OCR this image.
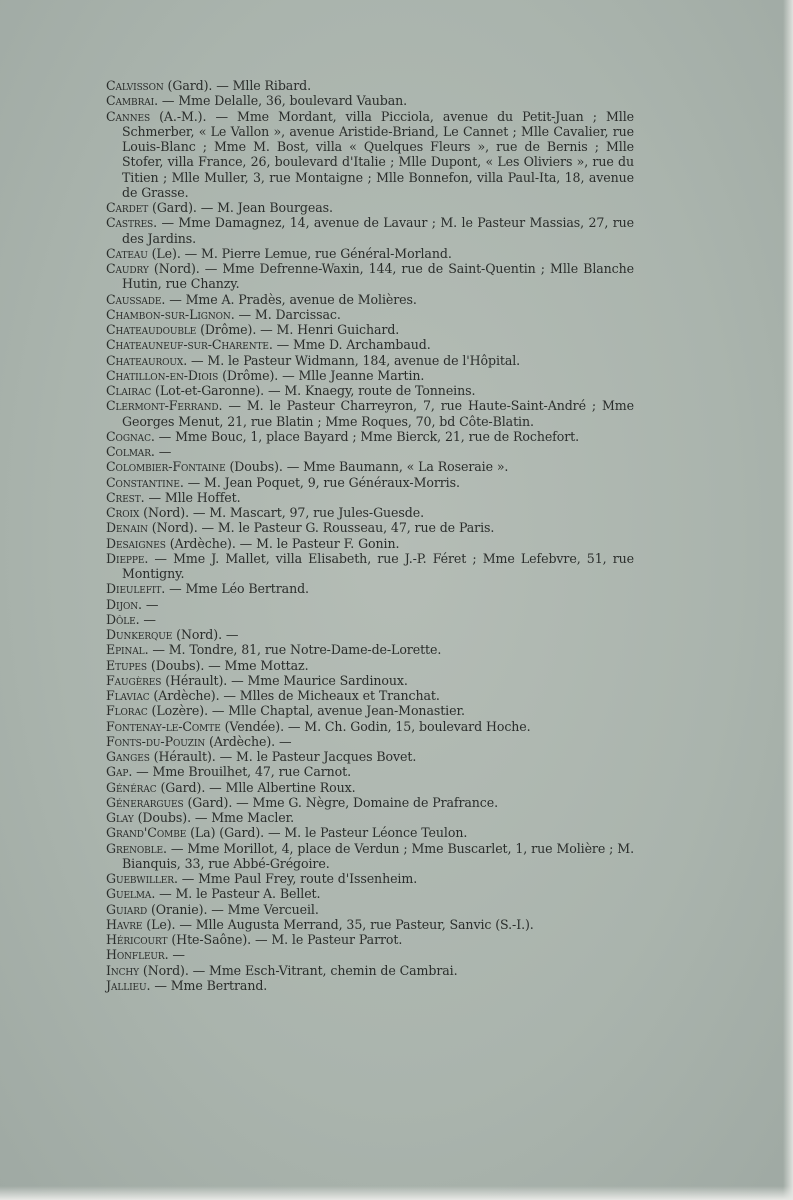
Calvisson (Gard). — Mlle Ribard.
Cambrai. — Mme Delalle, 36, boulevard Vauban.
Cannes (A.-M.). — Mme Mordant, villa Picciola, avenue du Petit-Juan ; Mlle Schmerber, « Le Vallon », avenue Aristide-Briand, Le Cannet ; Mlle Cavalier, rue Louis-Blanc ; Mme M. Bost, villa « Quelques Fleurs », rue de Bernis ; Mlle Stofer, villa France, 26, boulevard d'Italie ; Mlle Dupont, « Les Oliviers », rue du Titien ; Mlle Muller, 3, rue Montaigne ; Mlle Bonnefon, villa Paul-Ita, 18, avenue de Grasse.
Cardet (Gard). — M. Jean Bourgeas.
Castres. — Mme Damagnez, 14, avenue de Lavaur ; M. le Pasteur Massias, 27, rue des Jardins.
Cateau (Le). — M. Pierre Lemue, rue Général-Morland.
Caudry (Nord). — Mme Defrenne-Waxin, 144, rue de Saint-Quentin ; Mlle Blanche Hutin, rue Chanzy.
Caussade. — Mme A. Pradès, avenue de Molières.
Chambon-sur-Lignon. — M. Darcissac.
Chateaudouble (Drôme). — M. Henri Guichard.
Chateauneuf-sur-Charente. — Mme D. Archambaud.
Chateauroux. — M. le Pasteur Widmann, 184, avenue de l'Hôpital.
Chatillon-en-Diois (Drôme). — Mlle Jeanne Martin.
Clairac (Lot-et-Garonne). — M. Knaegy, route de Tonneins.
Clermont-Ferrand. — M. le Pasteur Charreyron, 7, rue Haute-Saint-André ; Mme Georges Menut, 21, rue Blatin ; Mme Roques, 70, bd Côte-Blatin.
Cognac. — Mme Bouc, 1, place Bayard ; Mme Bierck, 21, rue de Rochefort.
Colmar. —
Colombier-Fontaine (Doubs). — Mme Baumann, « La Roseraie ».
Constantine. — M. Jean Poquet, 9, rue Généraux-Morris.
Crest. — Mlle Hoffet.
Croix (Nord). — M. Mascart, 97, rue Jules-Guesde.
Denain (Nord). — M. le Pasteur G. Rousseau, 47, rue de Paris.
Desaignes (Ardèche). — M. le Pasteur F. Gonin.
Dieppe. — Mme J. Mallet, villa Elisabeth, rue J.-P. Féret ; Mme Lefebvre, 51, rue Montigny.
Dieulefit. — Mme Léo Bertrand.
Dijon. —
Dôle. —
Dunkerque (Nord). —
Epinal. — M. Tondre, 81, rue Notre-Dame-de-Lorette.
Etupes (Doubs). — Mme Mottaz.
Faugères (Hérault). — Mme Maurice Sardinoux.
Flaviac (Ardèche). — Mlles de Micheaux et Tranchat.
Florac (Lozère). — Mlle Chaptal, avenue Jean-Monastier.
Fontenay-le-Comte (Vendée). — M. Ch. Godin, 15, boulevard Hoche.
Fonts-du-Pouzin (Ardèche). —
Ganges (Hérault). — M. le Pasteur Jacques Bovet.
Gap. — Mme Brouilhet, 47, rue Carnot.
Générac (Gard). — Mlle Albertine Roux.
Génerargues (Gard). — Mme G. Nègre, Domaine de Prafrance.
Glay (Doubs). — Mme Macler.
Grand'Combe (La) (Gard). — M. le Pasteur Léonce Teulon.
Grenoble. — Mme Morillot, 4, place de Verdun ; Mme Buscarlet, 1, rue Molière ; M. Bianquis, 33, rue Abbé-Grégoire.
Guebwiller. — Mme Paul Frey, route d'Issenheim.
Guelma. — M. le Pasteur A. Bellet.
Guiard (Oranie). — Mme Vercueil.
Havre (Le). — Mlle Augusta Merrand, 35, rue Pasteur, Sanvic (S.-I.).
Héricourt (Hte-Saône). — M. le Pasteur Parrot.
Honfleur. —
Inchy (Nord). — Mme Esch-Vitrant, chemin de Cambrai.
Jallieu. — Mme Bertrand.
